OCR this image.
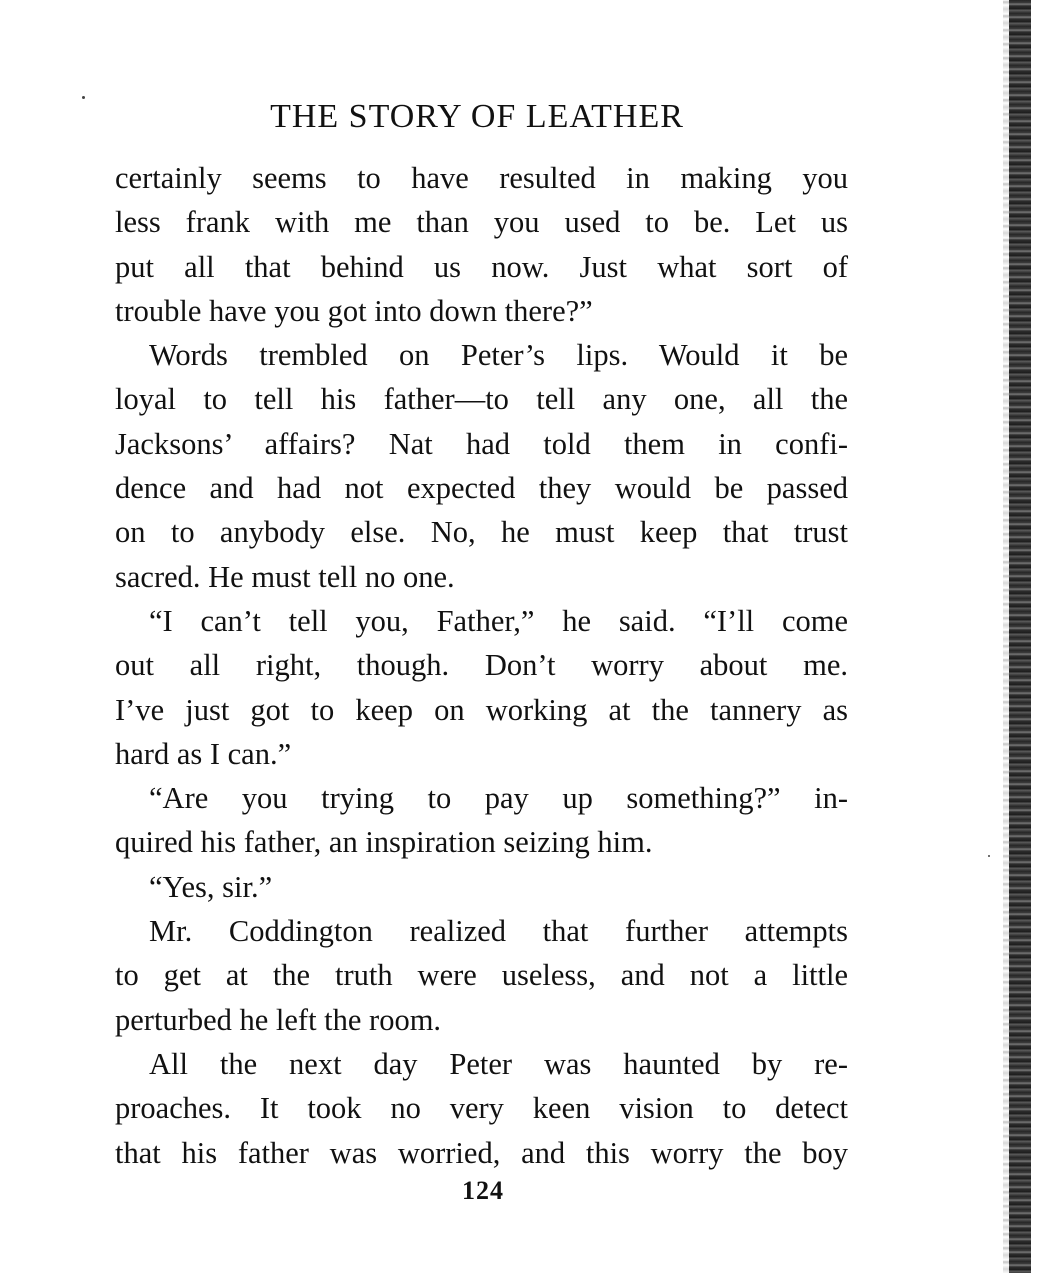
THE STORY OF LEATHER
certainly seems to have resulted in making you
less frank with me than you used to be. Let us
put all that behind us now. Just what sort of
trouble have you got into down there?”
Words trembled on Peter’s lips. Would it be
loyal to tell his father—to tell any one, all the
Jacksons’ affairs? Nat had told them in confi-
dence and had not expected they would be passed
on to anybody else. No, he must keep that trust
sacred. He must tell no one.
“I can’t tell you, Father,” he said. “I’ll come
out all right, though. Don’t worry about me.
I’ve just got to keep on working at the tannery as
hard as I can.”
“Are you trying to pay up something?” in-
quired his father, an inspiration seizing him.
“Yes, sir.”
Mr. Coddington realized that further attempts
to get at the truth were useless, and not a little
perturbed he left the room.
All the next day Peter was haunted by re-
proaches. It took no very keen vision to detect
that his father was worried, and this worry the boy
124
